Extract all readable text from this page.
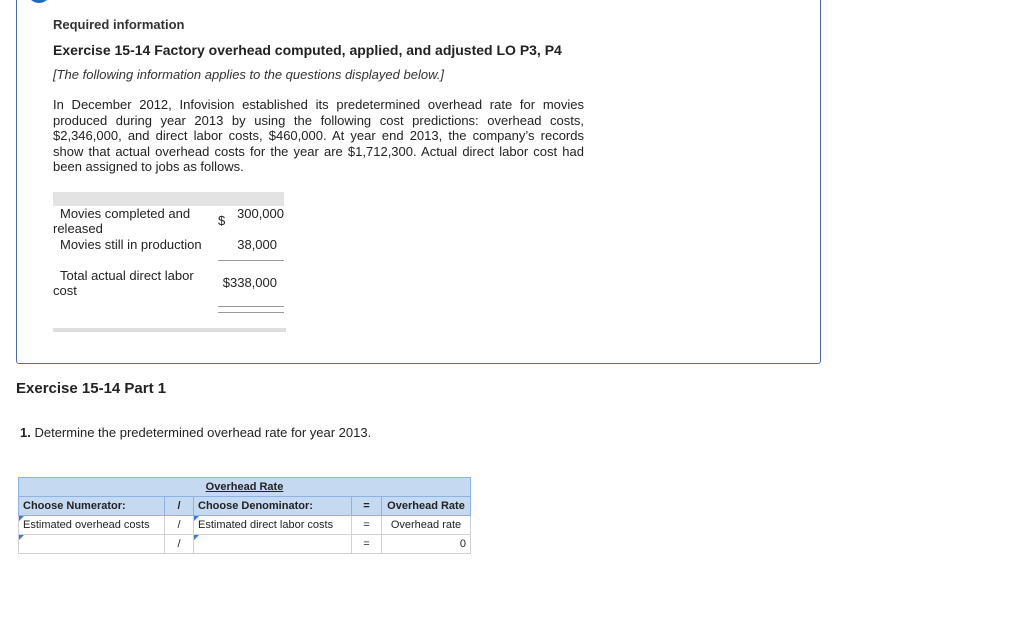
Required information
Exercise 15-14 Factory overhead computed, applied, and adjusted LO P3, P4
[The following information applies to the questions displayed below.]
In December 2012, Infovision established its predetermined overhead rate for movies produced during year 2013 by using the following cost predictions: overhead costs, $2,346,000, and direct labor costs, $460,000. At year end 2013, the company’s records show that actual overhead costs for the year are $1,712,300. Actual direct labor cost had been assigned to jobs as follows.
Movies completed and
released
$ 300,000
Movies still in production	38,000
Total actual direct labor
cost
$338,000
Exercise 15-14 Part 1
1. Determine the predetermined overhead rate for year 2013.
Overhead Rate				
Choose Numerator:	/	Choose Denominator:	=	Overhead Rate
Estimated overhead costs	/	Estimated direct labor costs	=	Overhead rate
	/		=	0
